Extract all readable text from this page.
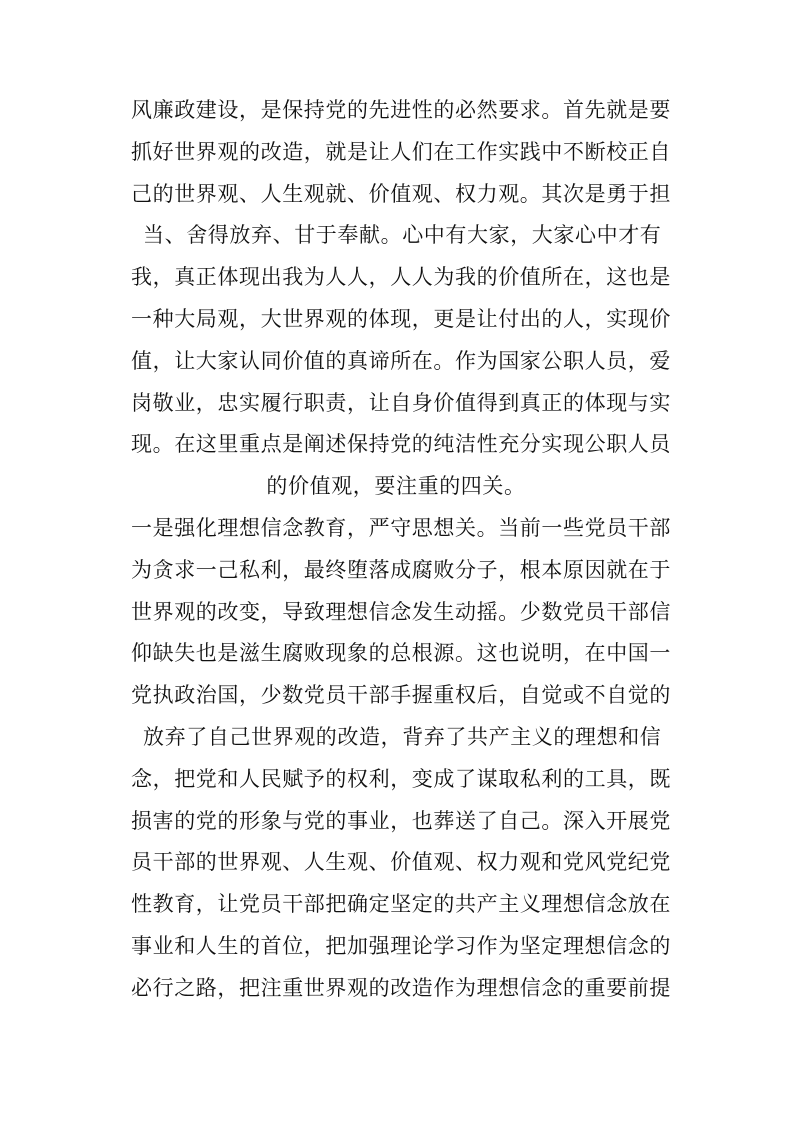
风廉政建设，是保持党的先进性的必然要求。首先就是要
抓好世界观的改造，就是让人们在工作实践中不断校正自
己的世界观、人生观就、价值观、权力观。其次是勇于担
当、舍得放弃、甘于奉献。心中有大家，大家心中才有
我，真正体现出我为人人，人人为我的价值所在，这也是
一种大局观，大世界观的体现，更是让付出的人，实现价
值，让大家认同价值的真谛所在。作为国家公职人员，爱
岗敬业，忠实履行职责，让自身价值得到真正的体现与实
现。在这里重点是阐述保持党的纯洁性充分实现公职人员
的价值观，要注重的四关。
一是强化理想信念教育，严守思想关。当前一些党员干部
为贪求一己私利，最终堕落成腐败分子，根本原因就在于
世界观的改变，导致理想信念发生动摇。少数党员干部信
仰缺失也是滋生腐败现象的总根源。这也说明，在中国一
党执政治国，少数党员干部手握重权后，自觉或不自觉的
放弃了自己世界观的改造，背弃了共产主义的理想和信
念，把党和人民赋予的权利，变成了谋取私利的工具，既
损害的党的形象与党的事业，也葬送了自己。深入开展党
员干部的世界观、人生观、价值观、权力观和党风党纪党
性教育，让党员干部把确定坚定的共产主义理想信念放在
事业和人生的首位，把加强理论学习作为坚定理想信念的
必行之路，把注重世界观的改造作为理想信念的重要前提
